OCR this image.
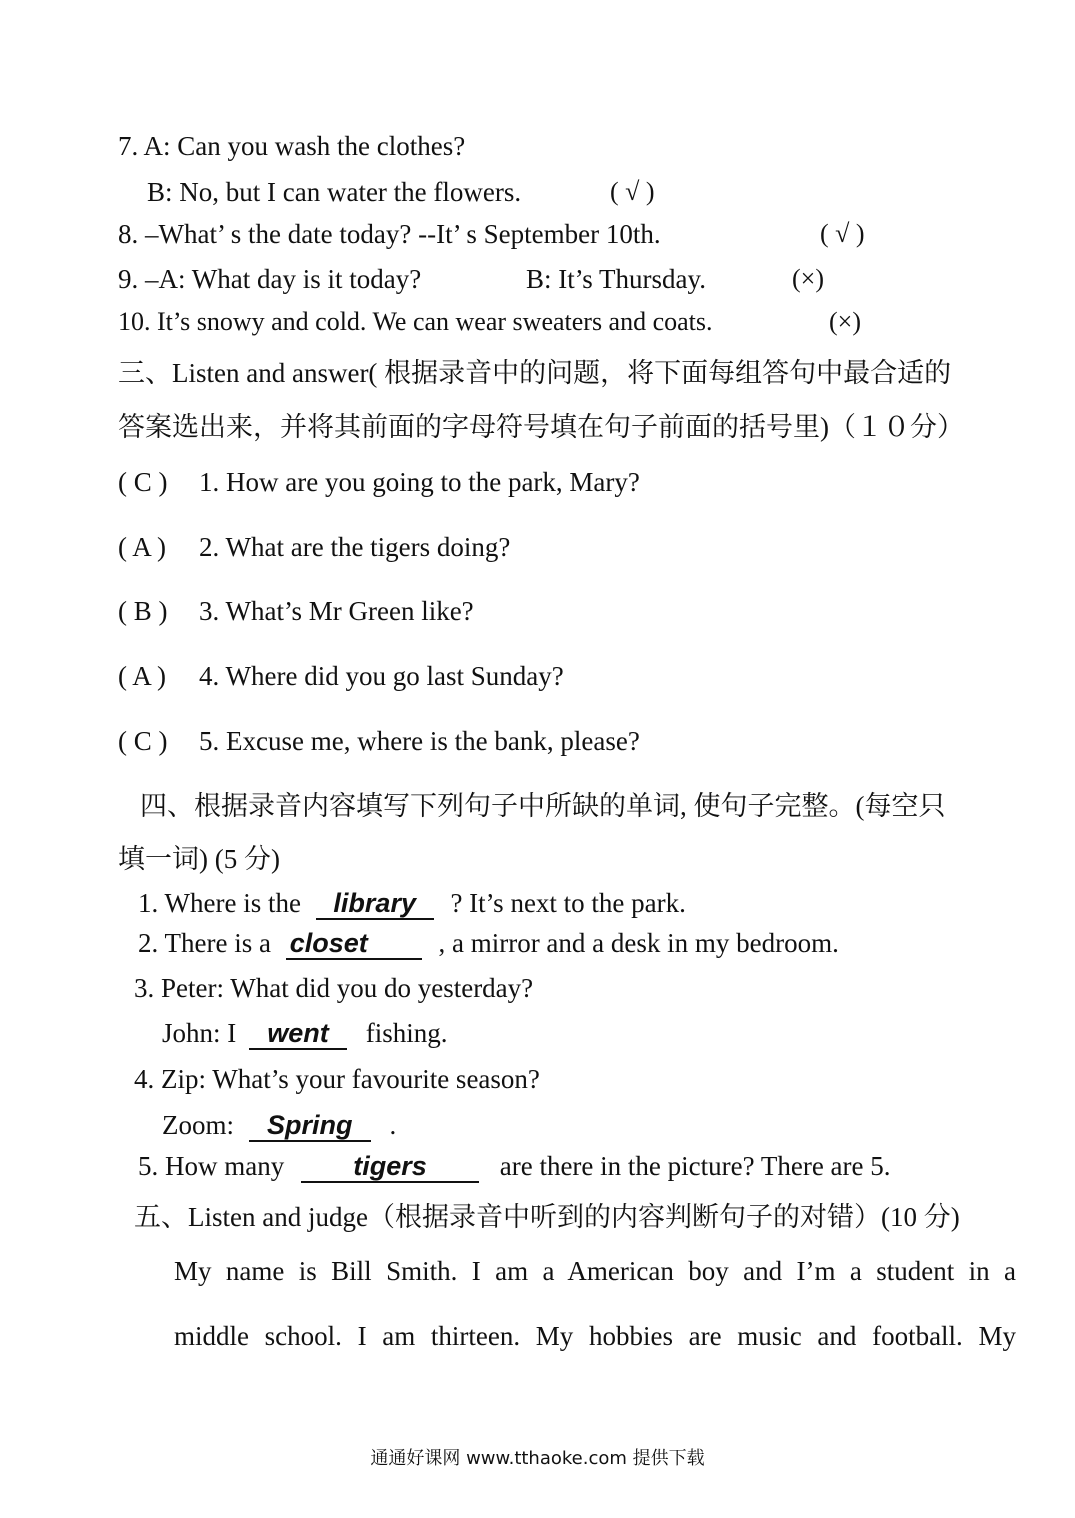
7. A: Can you wash the clothes?
B: No, but I can water the flowers.	( √ )
8. –What’ s the date today? --It’ s September 10th.	( √ )
9. –A: What day is it today?	B: It’s Thursday.	(×)
10. It’s snowy and cold. We can wear sweaters and coats.	(×)
三、Listen and answer( 根据录音中的问题，将下面每组答句中最合适的
答案选出来，并将其前面的字母符号填在句子前面的括号里)（１０分）
( C ) 1. How are you going to the park, Mary?
( A ) 2. What are the tigers doing?
( B ) 3. What’s Mr Green like?
( A ) 4. Where did you go last Sunday?
( C ) 5. Excuse me, where is the bank, please?
四、根据录音内容填写下列句子中所缺的单词, 使句子完整。(每空只
填一词) (5 分)
1. Where is the library ? It’s next to the park.
2. There is a closet	, a mirror and a desk in my bedroom.
3. Peter: What did you do yesterday?
John: I went fishing.
4. Zip: What’s your favourite season?
Zoom: Spring .
5. How many	tigers	are there in the picture? There are 5.
五、Listen and judge（根据录音中听到的内容判断句子的对错）(10 分)
My name is Bill Smith. I am a American boy and I’m a student in a
middle school. I am thirteen. My hobbies are music and football. My
通通好课网 www.tthaoke.com 提供下载
